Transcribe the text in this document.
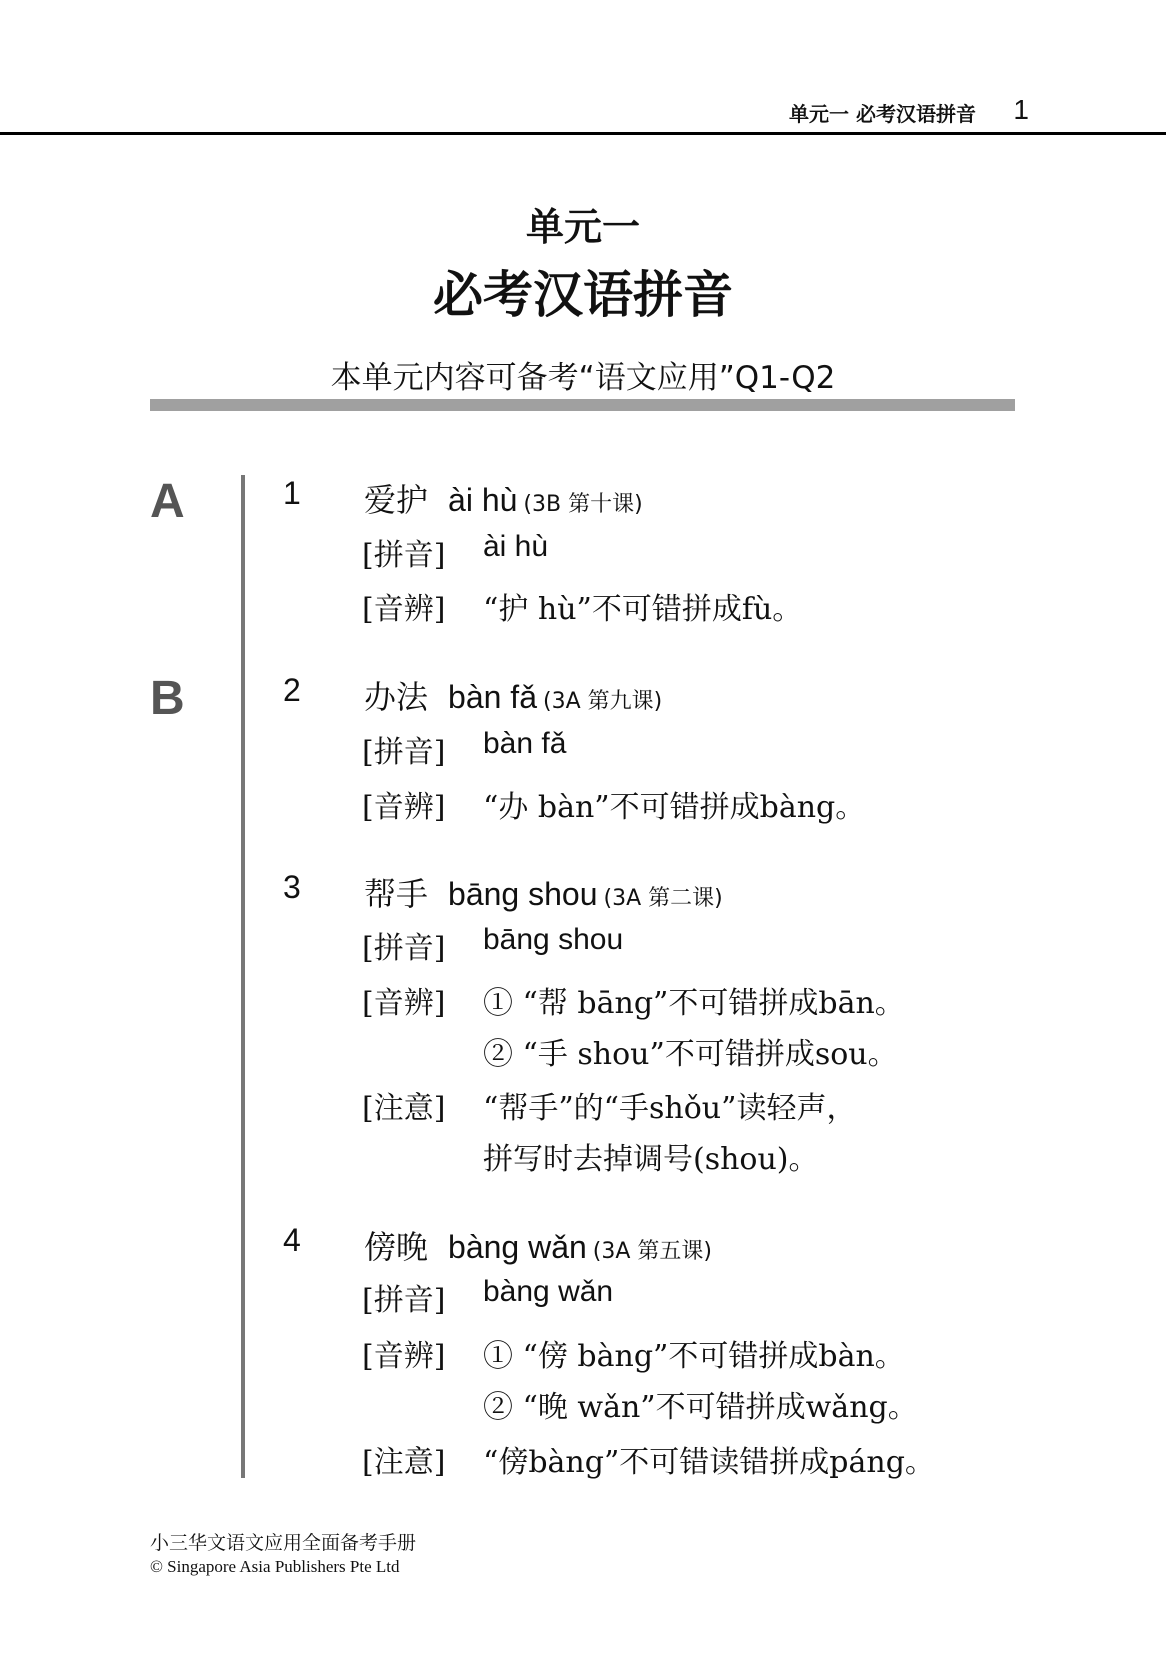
单元一 必考汉语拼音 1
单元一
必考汉语拼音
本单元内容可备考“语文应用”Q1-Q2
A
B
1 爱护 ài hù (3B 第十课)
[拼音] ài hù
[音辨] “护 hù”不可错拼成fù。
2 办法 bàn fǎ (3A 第九课)
[拼音] bàn fǎ
[音辨] “办 bàn”不可错拼成bàng。
3 帮手 bāng shou (3A 第二课)
[拼音] bāng shou
[音辨] ① “帮 bāng”不可错拼成bān。
② “手 shou”不可错拼成sou。
[注意] “帮手”的“手shǒu”读轻声，
拼写时去掉调号(shou)。
4 傍晚 bàng wǎn (3A 第五课)
[拼音] bàng wǎn
[音辨] ① “傍 bàng”不可错拼成bàn。
② “晚 wǎn”不可错拼成wǎng。
[注意] “傍bàng”不可错读错拼成páng。
小三华文语文应用全面备考手册
© Singapore Asia Publishers Pte Ltd
